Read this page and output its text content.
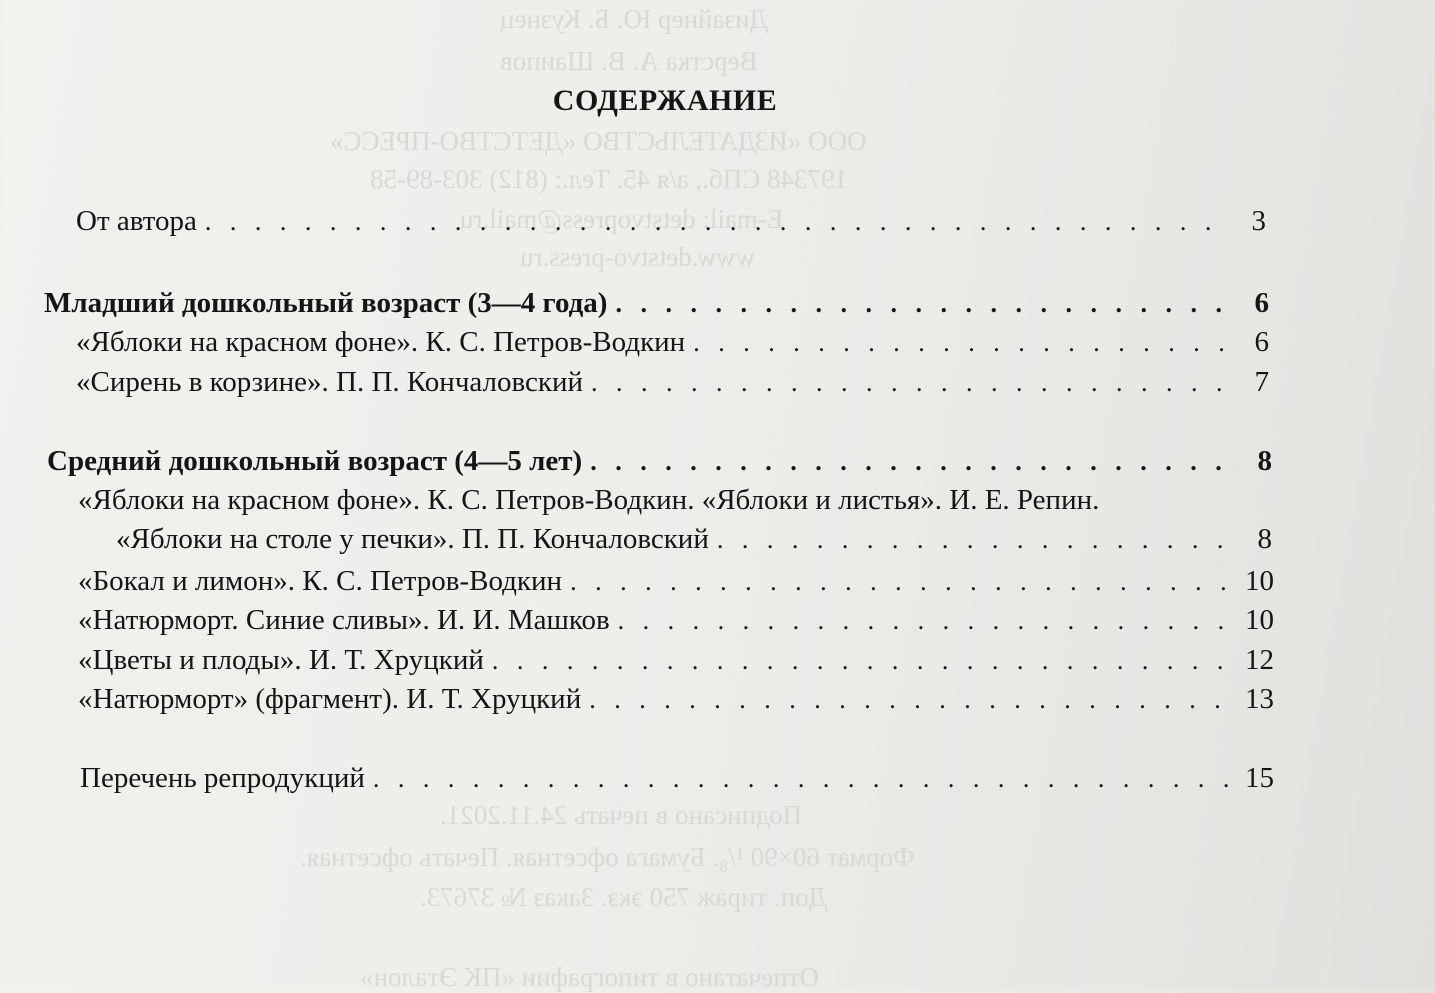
Дизайнер Ю. Б. Кузнец
Верстка А. В. Шаипов
ООО «ИЗДАТЕЛЬСТВО «ДЕТСТВО-ПРЕСС»
197348 СПб., а/я 45. Тел.: (812) 303-89-58
E-mail: detstvopress@mail.ru
www.detstvo-press.ru
Подписано в печать 24.11.2021.
Формат 60×90 ¹/₈. Бумага офсетная. Печать офсетная.
Доп. тираж 750 экз. Заказ № 37673.
Отпечатано в типографии «ПК Эталон»
СОДЕРЖАНИЕ
От автора . . .	3
Младший дошкольный возраст (3—4 года) . . .	6
«Яблоки на красном фоне». К. С. Петров-Водкин . . .	6
«Сирень в корзине». П. П. Кончаловский . . .	7
Средний дошкольный возраст (4—5 лет) . . .	8
«Яблоки на красном фоне». К. С. Петров-Водкин. «Яблоки и листья». И. Е. Репин.
«Яблоки на столе у печки». П. П. Кончаловский . . .	8
«Бокал и лимон». К. С. Петров-Водкин . . .	10
«Натюрморт. Синие сливы». И. И. Машков . . .	10
«Цветы и плоды». И. Т. Хруцкий . . .	12
«Натюрморт» (фрагмент). И. Т. Хруцкий . . .	13
Перечень репродукций . . .	15
